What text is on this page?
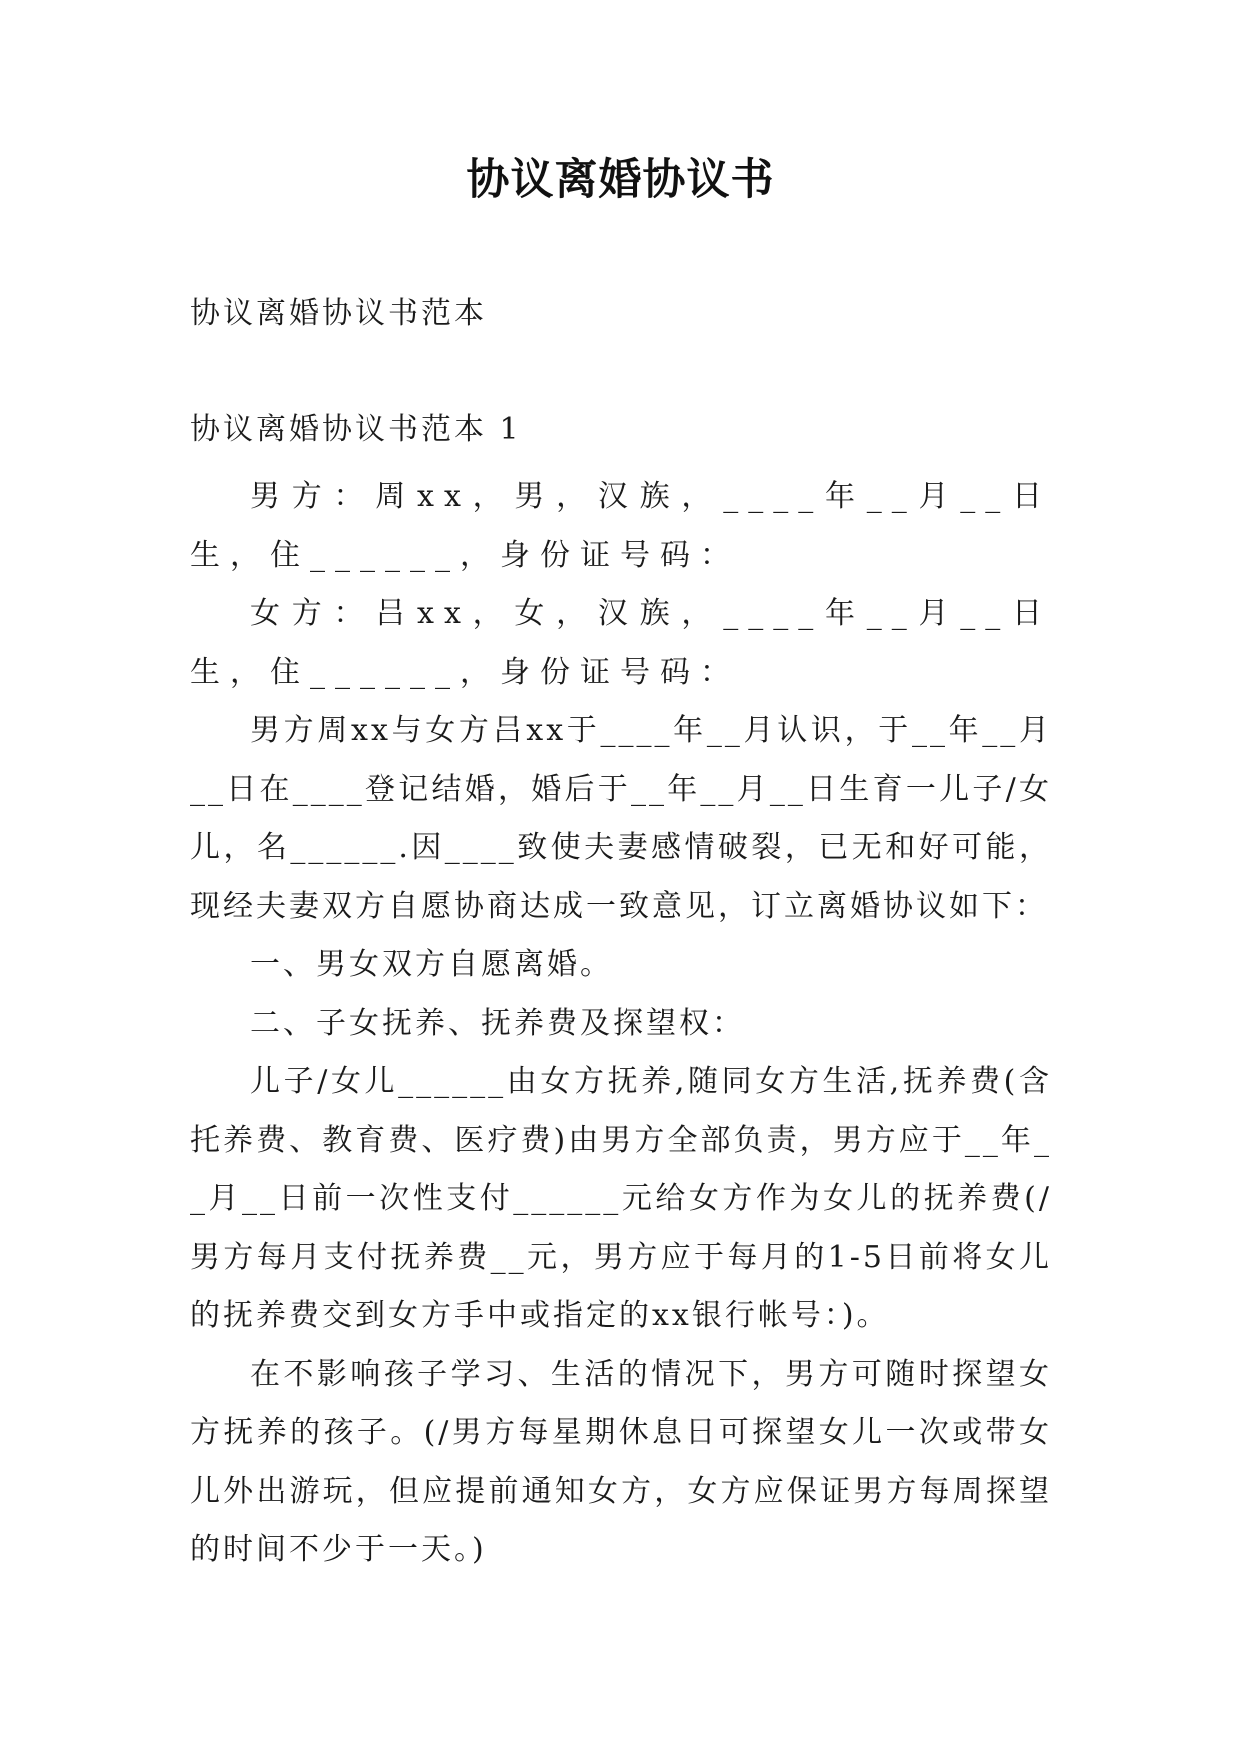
协议离婚协议书
协议离婚协议书范本
协议离婚协议书范本 1

男方：周xx，男，汉族，____年__月__日生，住______，身份证号码：

女方：吕xx，女，汉族，____年__月__日生，住______，身份证号码：

男方周xx与女方吕xx于____年__月认识，于__年__月__日在____登记结婚，婚后于__年__月__日生育一儿子/女儿，名______.因____致使夫妻感情破裂，已无和好可能，现经夫妻双方自愿协商达成一致意见，订立离婚协议如下：

一、男女双方自愿离婚。

二、子女抚养、抚养费及探望权：

儿子/女儿______由女方抚养,随同女方生活,抚养费(含托养费、教育费、医疗费)由男方全部负责，男方应于__年__月__日前一次性支付______元给女方作为女儿的抚养费(/男方每月支付抚养费__元，男方应于每月的1-5日前将女儿的抚养费交到女方手中或指定的xx银行帐号：)。

在不影响孩子学习、生活的情况下，男方可随时探望女方抚养的孩子。(/男方每星期休息日可探望女儿一次或带女儿外出游玩，但应提前通知女方，女方应保证男方每周探望的时间不少于一天。)
